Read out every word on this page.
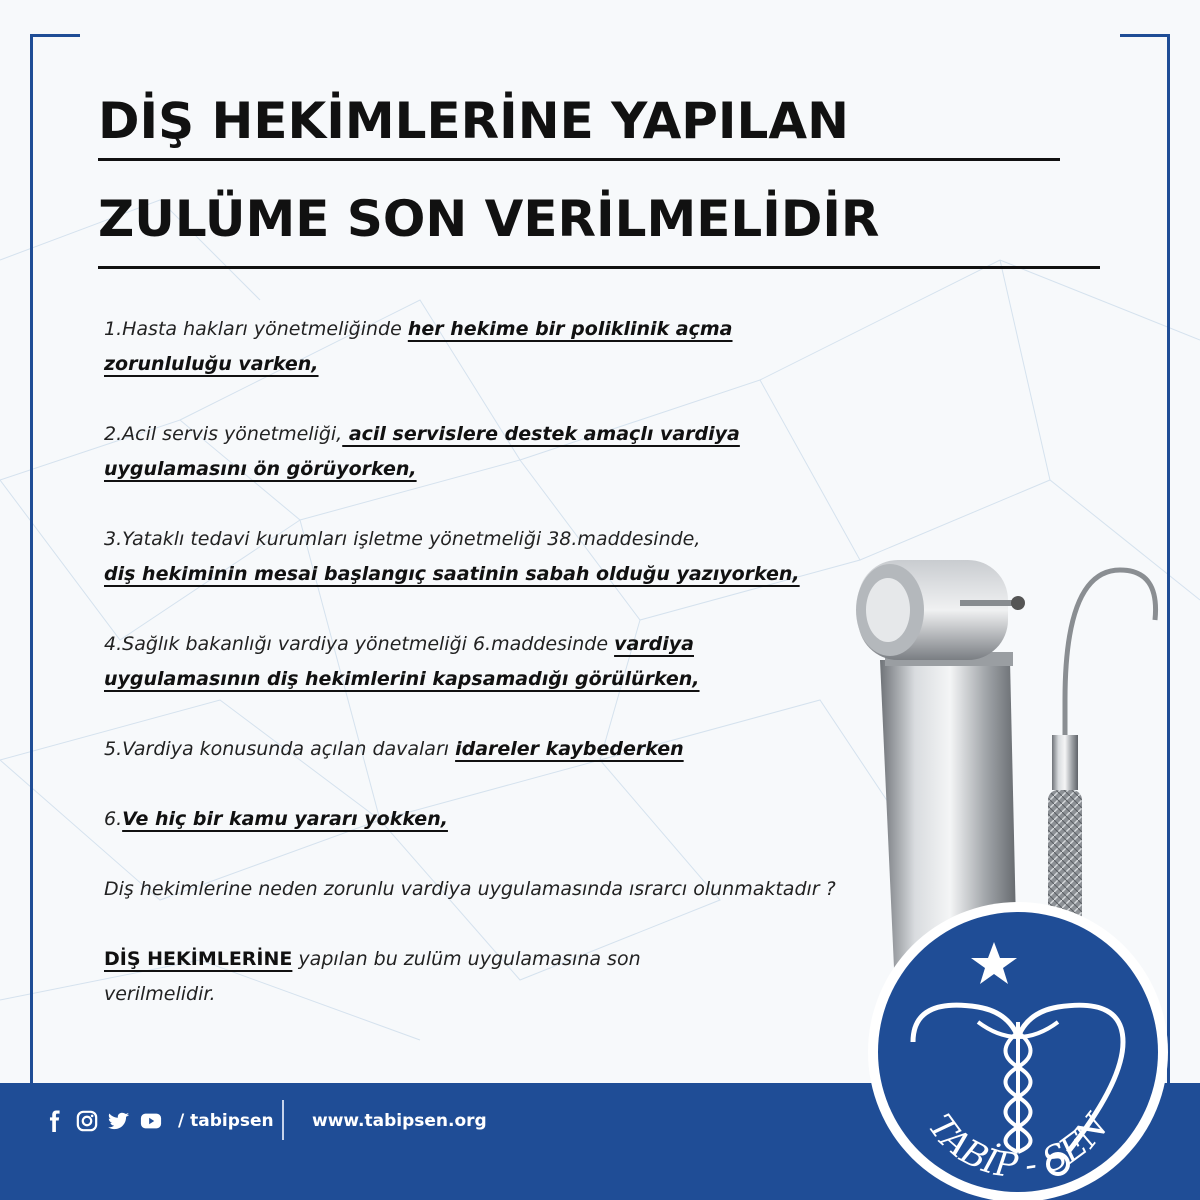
DİŞ HEKİMLERİNE YAPILAN
ZULÜME SON VERİLMELİDİR

1.Hasta hakları yönetmeliğinde her hekime bir poliklinik açma zorunluluğu varken,

2.Acil servis yönetmeliği, acil servislere destek amaçlı vardiya uygulamasını ön görüyorken,

3.Yataklı tedavi kurumları işletme yönetmeliği 38.maddesinde,
diş hekiminin mesai başlangıç saatinin sabah olduğu yazıyorken,

4.Sağlık bakanlığı vardiya yönetmeliği 6.maddesinde vardiya uygulamasının diş hekimlerini kapsamadığı görülürken,

5.Vardiya konusunda açılan davaları idareler kaybederken

6.Ve hiç bir kamu yararı yokken,

Diş hekimlerine neden zorunlu vardiya uygulamasında ısrarcı olunmaktadır ?

DİŞ HEKİMLERİNE yapılan bu zulüm uygulamasına son verilmelidir.

/ tabipsen www.tabipsen.org	TABİP - SEN
